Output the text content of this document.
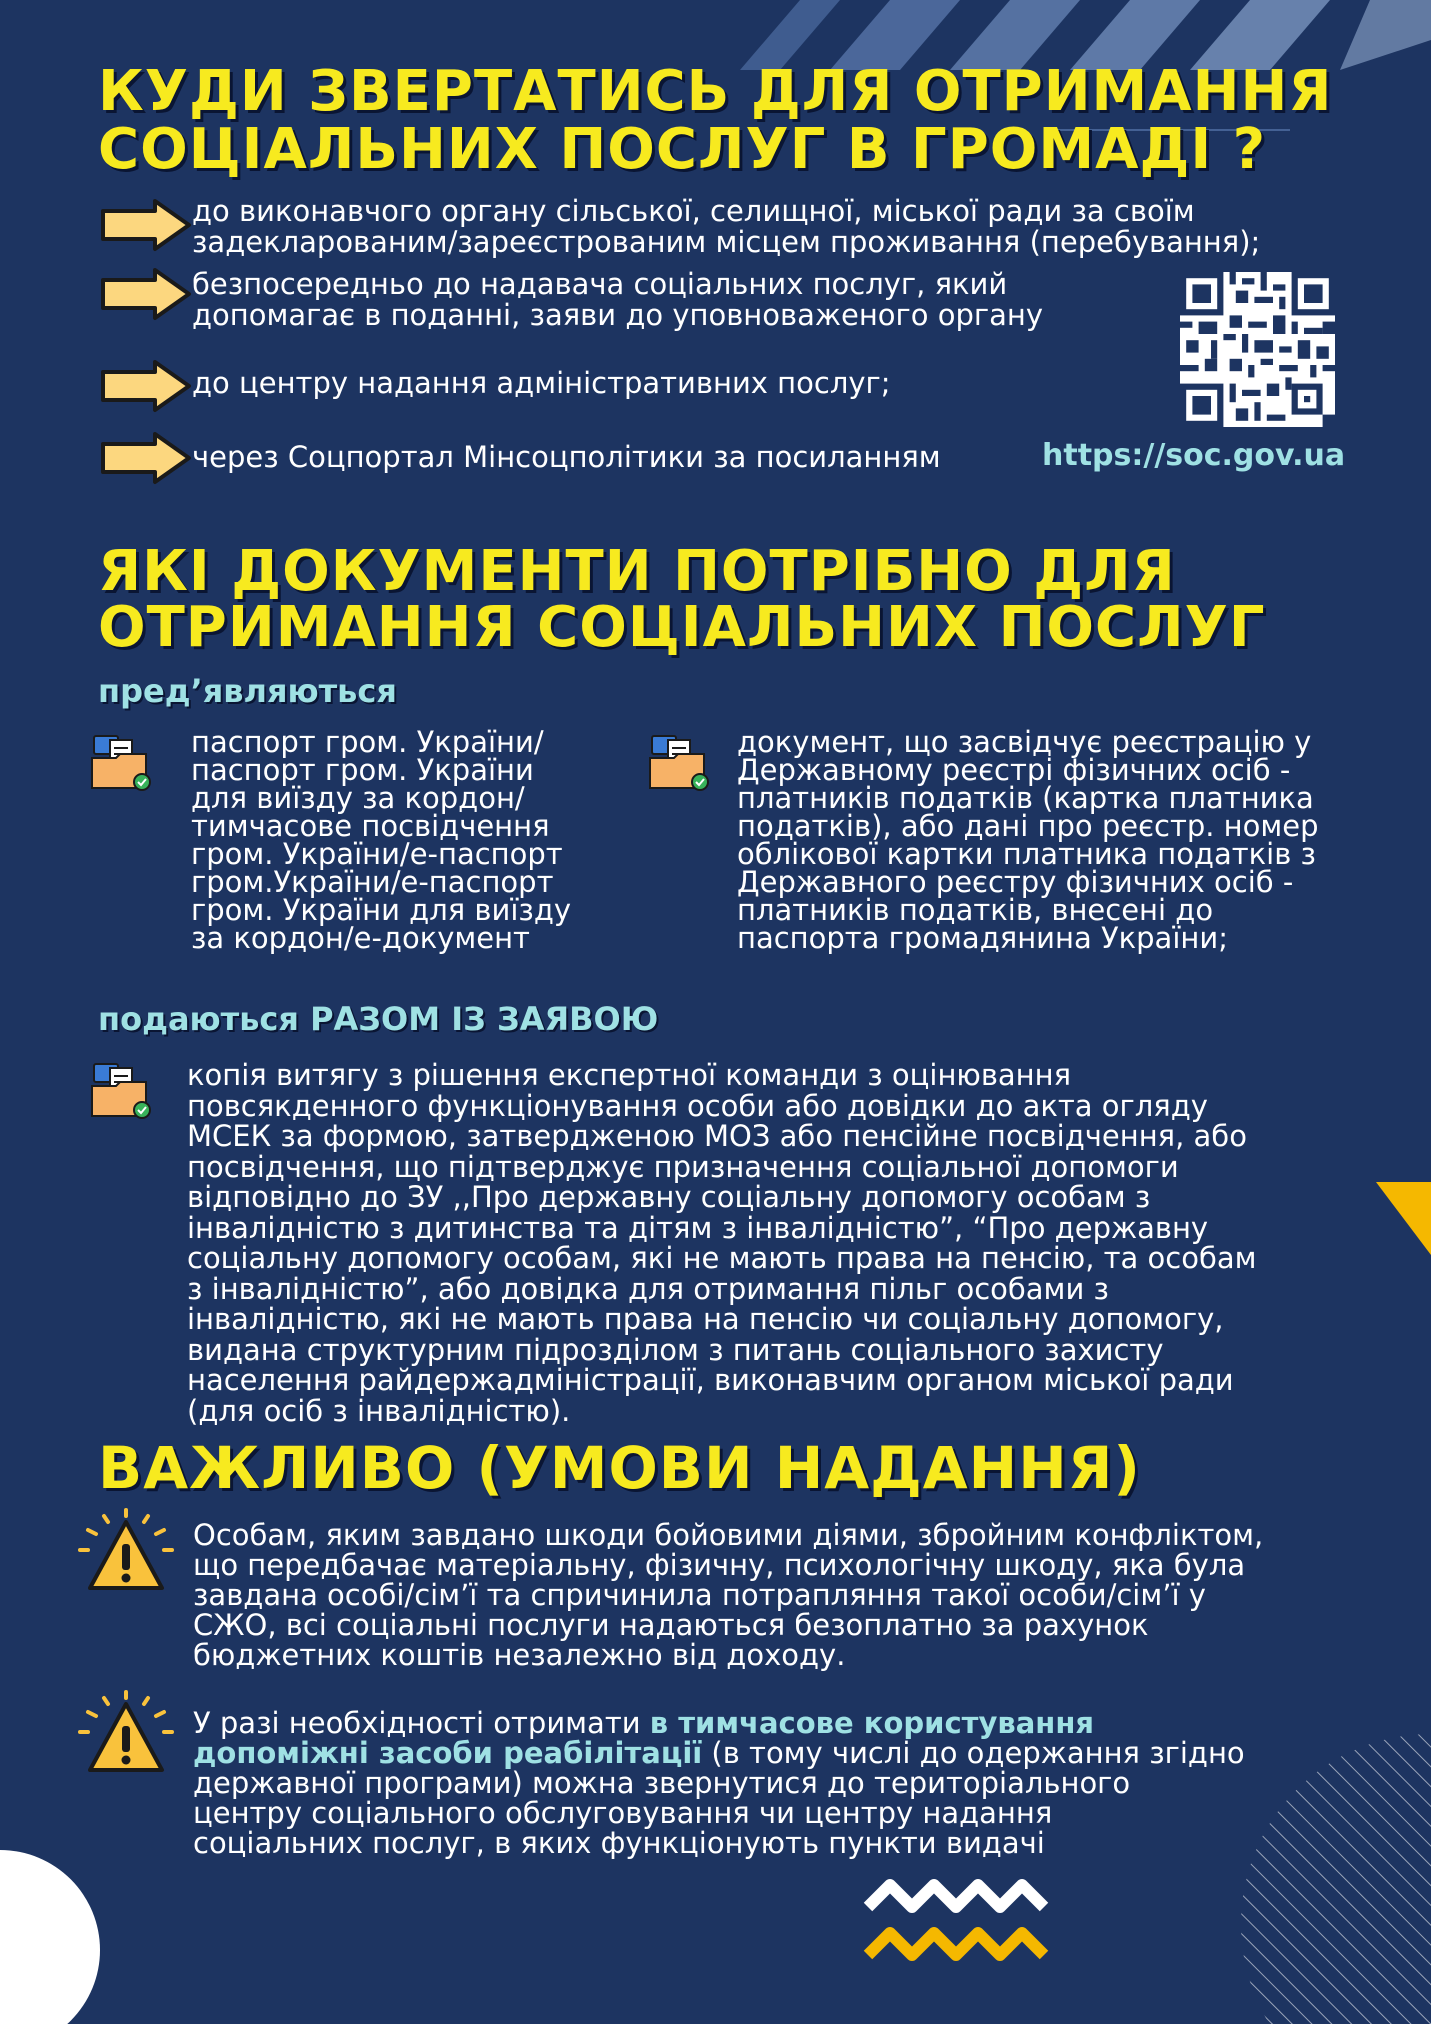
КУДИ ЗВЕРТАТИСЬ ДЛЯ ОТРИМАННЯ
СОЦІАЛЬНИХ ПОСЛУГ В ГРОМАДІ ?
до виконавчого органу сільської, селищної, міської ради за своїм
задекларованим/зареєстрованим місцем проживання (перебування);
безпосередньо до надавача соціальних послуг, який
допомагає в поданні, заяви до уповноваженого органу
до центру надання адміністративних послуг;
через Соцпортал Мінсоцполітики за посиланням	https://soc.gov.ua
ЯКІ ДОКУМЕНТИ ПОТРІБНО ДЛЯ
ОТРИМАННЯ СОЦІАЛЬНИХ ПОСЛУГ
пред’являються
паспорт гром. України/
паспорт гром. України
для виїзду за кордон/
тимчасове посвідчення
гром. України/е-паспорт
гром.України/е-паспорт
гром. України для виїзду
за кордон/е-документ
документ, що засвідчує реєстрацію у
Державному реєстрі фізичних осіб -
платників податків (картка платника
податків), або дані про реєстр. номер
облікової картки платника податків з
Державного реєстру фізичних осіб -
платників податків, внесені до
паспорта громадянина України;
подаються РАЗОМ ІЗ ЗАЯВОЮ
копія витягу з рішення експертної команди з оцінювання
повсякденного функціонування особи або довідки до акта огляду
МСЕК за формою, затвердженою МОЗ або пенсійне посвідчення, або
посвідчення, що підтверджує призначення соціальної допомоги
відповідно до ЗУ ,,Про державну соціальну допомогу особам з
інвалідністю з дитинства та дітям з інвалідністю”, “Про державну
соціальну допомогу особам, які не мають права на пенсію, та особам
з інвалідністю”, або довідка для отримання пільг особами з
інвалідністю, які не мають права на пенсію чи соціальну допомогу,
видана структурним підрозділом з питань соціального захисту
населення райдержадміністрації, виконавчим органом міської ради
(для осіб з інвалідністю).
ВАЖЛИВО (УМОВИ НАДАННЯ)
Особам, яким завдано шкоди бойовими діями, збройним конфліктом,
що передбачає матеріальну, фізичну, психологічну шкоду, яка була
завдана особі/сім’ї та спричинила потрапляння такої особи/сім’ї у
СЖО, всі соціальні послуги надаються безоплатно за рахунок
бюджетних коштів незалежно від доходу.
У разі необхідності отримати в тимчасове користування
допоміжні засоби реабілітації (в тому числі до одержання згідно
державної програми) можна звернутися до територіального
центру соціального обслуговування чи центру надання
соціальних послуг, в яких функціонують пункти видачі
